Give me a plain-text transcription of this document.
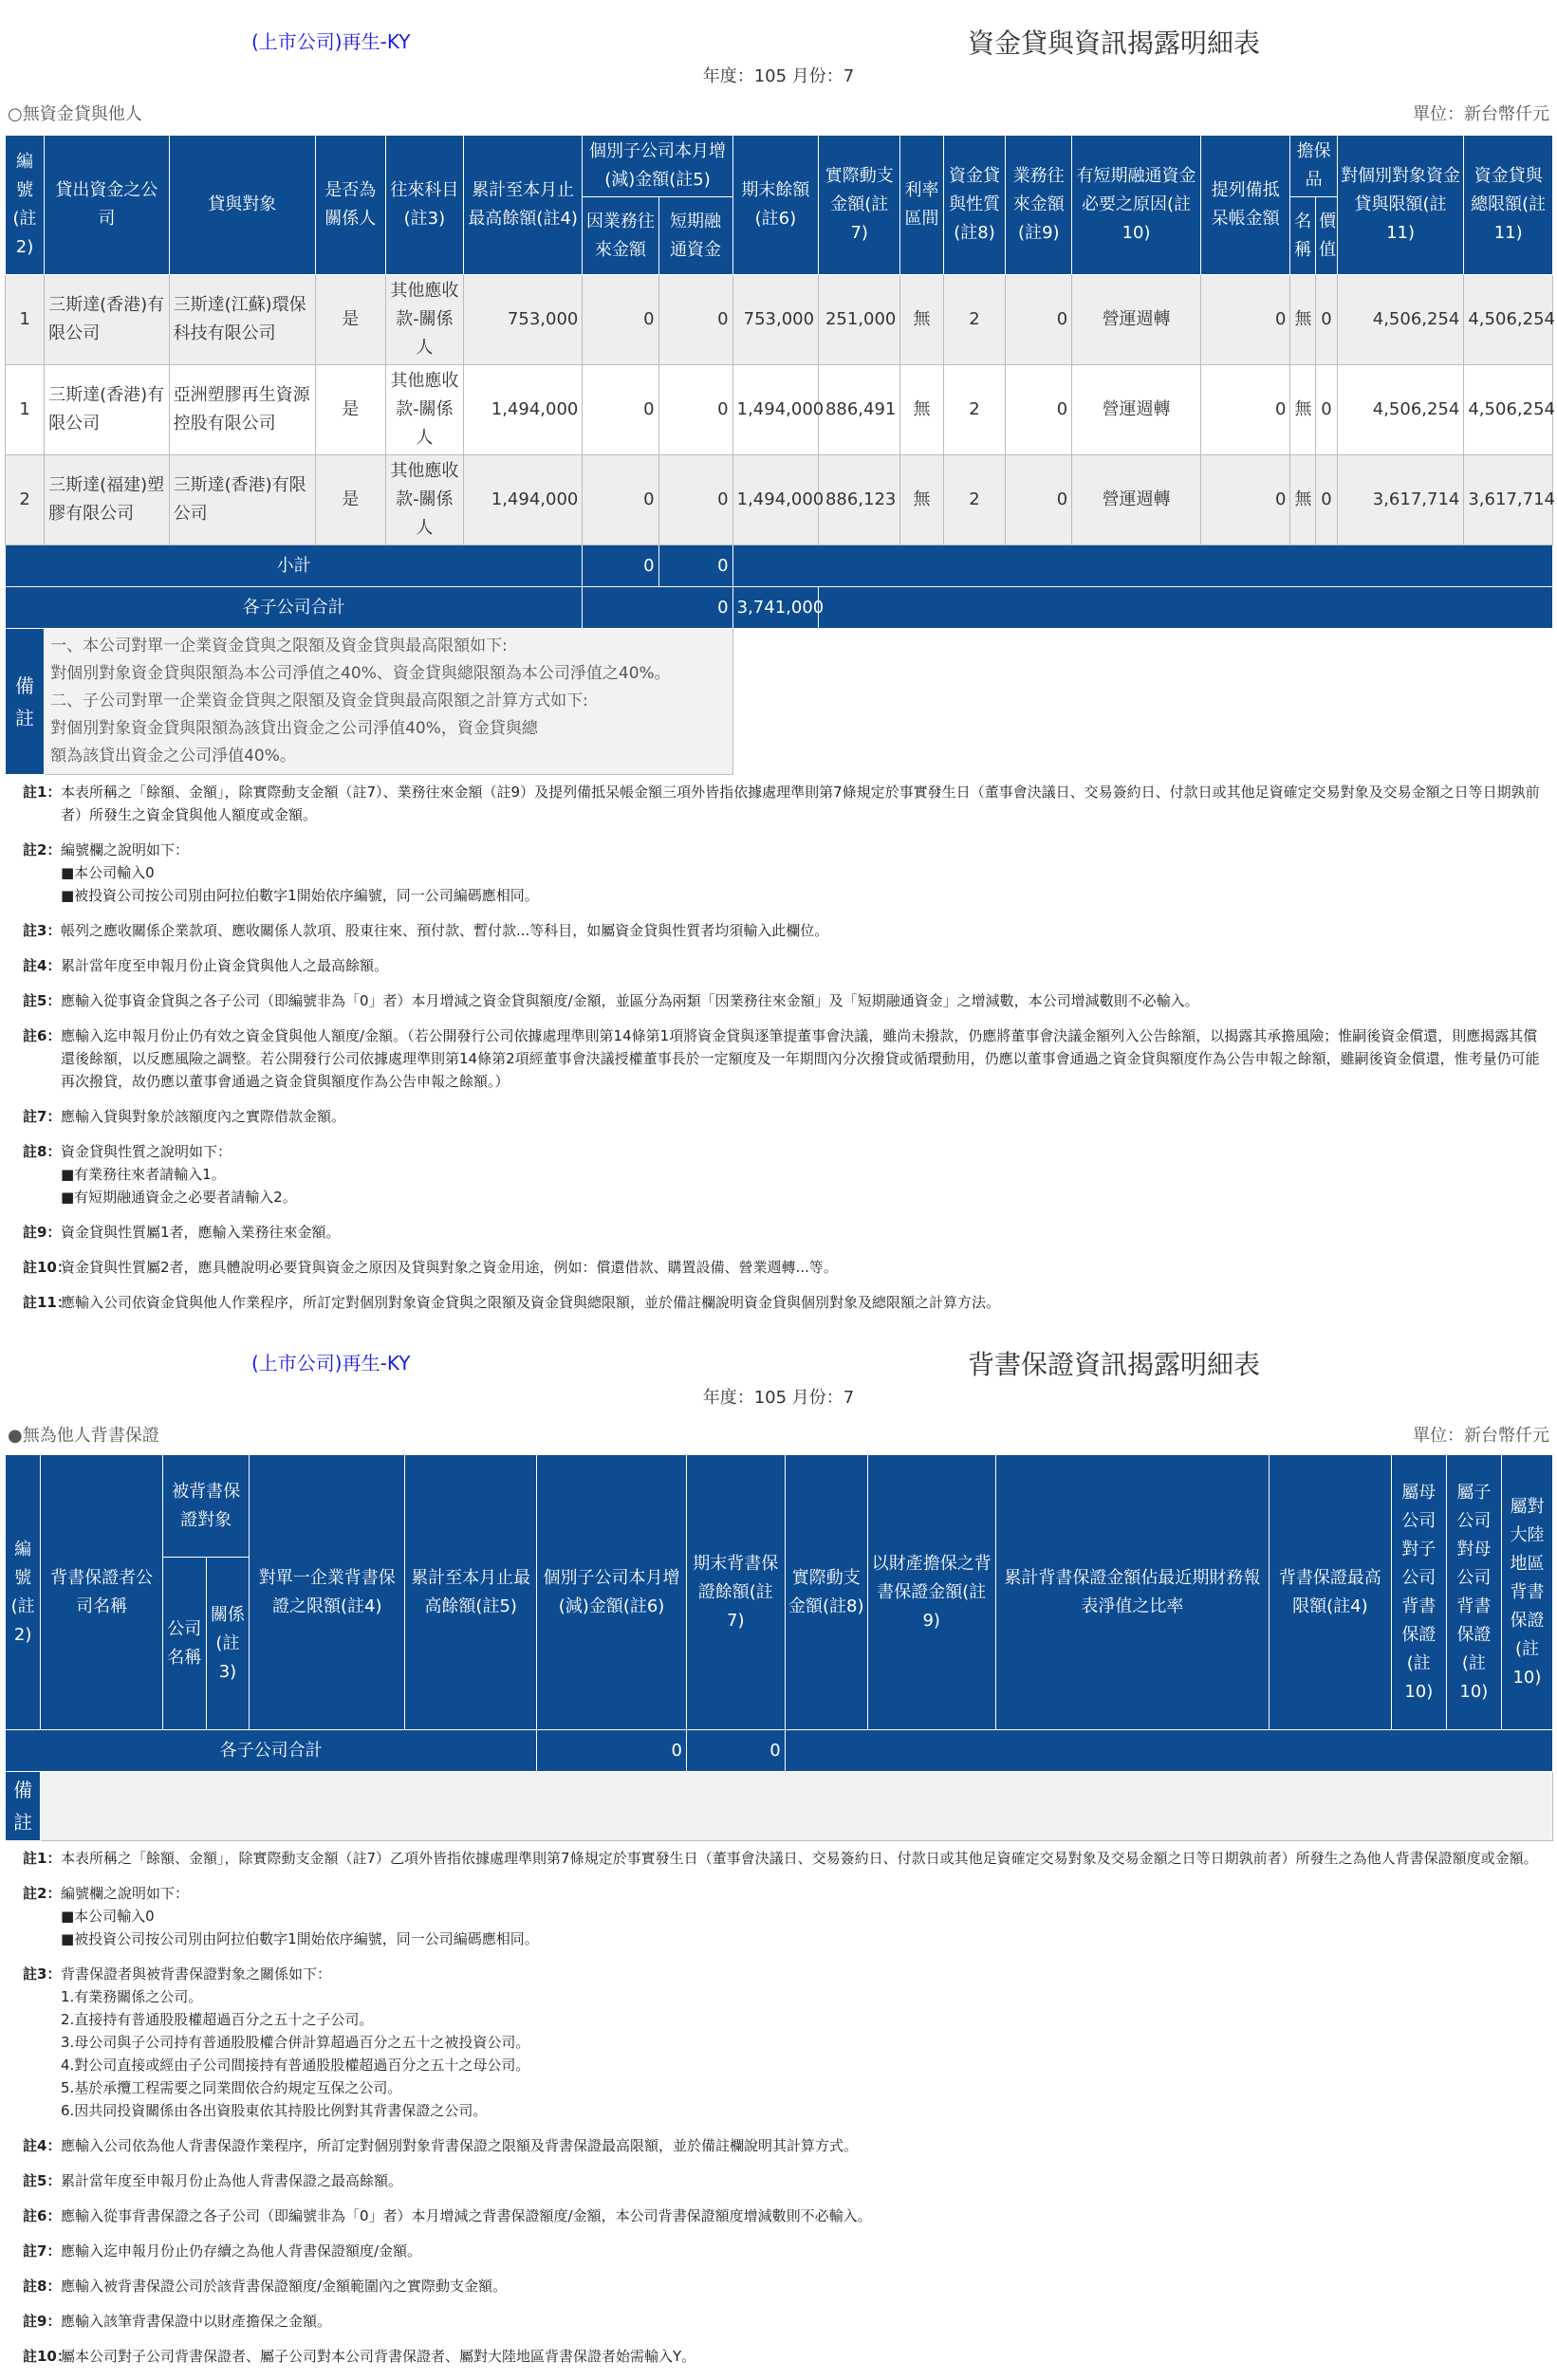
(上市公司)再生-KY	資金貸與資訊揭露明細表
年度：105 月份：7
○無資金貸與他人	單位：新台幣仟元
編號(註2)	貸出資金之公司	貸與對象	是否為關係人	往來科目(註3)	累計至本月止最高餘額(註4)	個別子公司本月增(減)金額(註5)		期末餘額(註6)	實際動支金額(註7)	利率區間	資金貸與性質(註8)	業務往來金額(註9)	有短期融通資金必要之原因(註10)	提列備抵呆帳金額	擔保品		對個別對象資金貸與限額(註11)	資金貸與總限額(註11)
						因業務往來金額	短期融通資金								名稱	價值		
1	三斯達(香港)有限公司	三斯達(江蘇)環保科技有限公司	是	其他應收款-關係人	753,000	0	0	753,000	251,000	無	2	0	營運週轉	0	無	0	4,506,254	4,506,254
1	三斯達(香港)有限公司	亞洲塑膠再生資源控股有限公司	是	其他應收款-關係人	1,494,000	0	0	1,494,000	886,491	無	2	0	營運週轉	0	無	0	4,506,254	4,506,254
2	三斯達(福建)塑膠有限公司	三斯達(香港)有限公司	是	其他應收款-關係人	1,494,000	0	0	1,494,000	886,123	無	2	0	營運週轉	0	無	0	3,617,714	3,617,714
小計						0	0											
各子公司合計						0		3,741,000										
備註	一、本公司對單一企業資金貸與之限額及資金貸與最高限額如下:
對個別對象資金貸與限額為本公司淨值之40%、資金貸與總限額為本公司淨值之40%。
二、子公司對單一企業資金貸與之限額及資金貸與最高限額之計算方式如下:
對個別對象資金貸與限額為該貸出資金之公司淨值40%，資金貸與總
額為該貸出資金之公司淨值40%。																	

註1： 本表所稱之「餘額、金額」，除實際動支金額（註7）、業務往來金額（註9）及提列備抵呆帳金額三項外皆指依據處理準則第7條規定於事實發生日（董事會決議日、交易簽約日、付款日或其他足資確定交易對象及交易金額之日等日期孰前者）所發生之資金貸與他人額度或金額。
註2： 編號欄之說明如下：
■本公司輸入0
■被投資公司按公司別由阿拉伯數字1開始依序編號，同一公司編碼應相同。
註3： 帳列之應收關係企業款項、應收關係人款項、股東往來、預付款、暫付款...等科目，如屬資金貸與性質者均須輸入此欄位。
註4： 累計當年度至申報月份止資金貸與他人之最高餘額。
註5： 應輸入從事資金貸與之各子公司（即編號非為「0」者）本月增減之資金貸與額度/金額，並區分為兩類「因業務往來金額」及「短期融通資金」之增減數，本公司增減數則不必輸入。
註6： 應輸入迄申報月份止仍有效之資金貸與他人額度/金額。（若公開發行公司依據處理準則第14條第1項將資金貸與逐筆提董事會決議，雖尚未撥款，仍應將董事會決議金額列入公告餘額，以揭露其承擔風險；惟嗣後資金償還，則應揭露其償還後餘額，以反應風險之調整。若公開發行公司依據處理準則第14條第2項經董事會決議授權董事長於一定額度及一年期間內分次撥貸或循環動用，仍應以董事會通過之資金貸與額度作為公告申報之餘額，雖嗣後資金償還，惟考量仍可能再次撥貸，故仍應以董事會通過之資金貸與額度作為公告申報之餘額。）
註7： 應輸入貸與對象於該額度內之實際借款金額。
註8： 資金貸與性質之說明如下：
■有業務往來者請輸入1。
■有短期融通資金之必要者請輸入2。
註9： 資金貸與性質屬1者，應輸入業務往來金額。
註10：
資金貸與性質屬2者，應具體說明必要貸與資金之原因及貸與對象之資金用途，例如：償還借款、購置設備、營業週轉...等。
註11：
應輸入公司依資金貸與他人作業程序，所訂定對個別對象資金貸與之限額及資金貸與總限額，並於備註欄說明資金貸與個別對象及總限額之計算方法。
(上市公司)再生-KY	背書保證資訊揭露明細表
年度：105 月份：7
●無為他人背書保證	單位：新台幣仟元
編號(註2)	背書保證者公司名稱	被背書保證對象		對單一企業背書保證之限額(註4)	累計至本月止最高餘額(註5)	個別子公司本月增(減)金額(註6)	期末背書保證餘額(註7)	實際動支金額(註8)	以財產擔保之背書保證金額(註9)	累計背書保證金額佔最近期財務報表淨值之比率	背書保證最高限額(註4)	屬母公司對子公司背書保證(註10)	屬子公司對母公司背書保證(註10)	屬對大陸地區背書保證(註10)
		公司名稱	關係(註3)											
各子公司合計						0	0							
備註														
註1： 本表所稱之「餘額、金額」，除實際動支金額（註7）乙項外皆指依據處理準則第7條規定於事實發生日（董事會決議日、交易簽約日、付款日或其他足資確定交易對象及交易金額之日等日期孰前者）所發生之為他人背書保證額度或金額。
註2： 編號欄之說明如下：
■本公司輸入0
■被投資公司按公司別由阿拉伯數字1開始依序編號，同一公司編碼應相同。
註3： 背書保證者與被背書保證對象之關係如下：
1.有業務關係之公司。
2.直接持有普通股股權超過百分之五十之子公司。
3.母公司與子公司持有普通股股權合併計算超過百分之五十之被投資公司。
4.對公司直接或經由子公司間接持有普通股股權超過百分之五十之母公司。
5.基於承攬工程需要之同業間依合約規定互保之公司。
6.因共同投資關係由各出資股東依其持股比例對其背書保證之公司。
註4： 應輸入公司依為他人背書保證作業程序，所訂定對個別對象背書保證之限額及背書保證最高限額，並於備註欄說明其計算方式。
註5： 累計當年度至申報月份止為他人背書保證之最高餘額。
註6： 應輸入從事背書保證之各子公司（即編號非為「0」者）本月增減之背書保證額度/金額，本公司背書保證額度增減數則不必輸入。
註7： 應輸入迄申報月份止仍存續之為他人背書保證額度/金額。
註8： 應輸入被背書保證公司於該背書保證額度/金額範圍內之實際動支金額。
註9： 應輸入該筆背書保證中以財產擔保之金額。
註10：
屬本公司對子公司背書保證者、屬子公司對本公司背書保證者、屬對大陸地區背書保證者始需輸入Y。
